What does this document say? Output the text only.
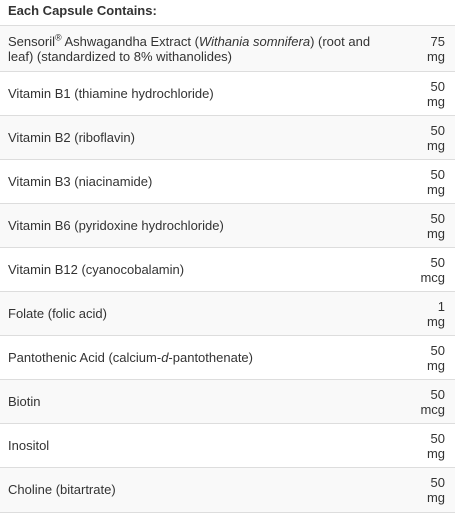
Each Capsule Contains:
Sensoril® Ashwagandha Extract (Withania somnifera) (root and leaf) (standardized to 8% withanolides)	75
mg

Vitamin B1 (thiamine hydrochloride)	50
mg

Vitamin B2 (riboflavin)	50
mg

Vitamin B3 (niacinamide)	50
mg

Vitamin B6 (pyridoxine hydrochloride)	50
mg

Vitamin B12 (cyanocobalamin)	50
mcg

Folate (folic acid)	1
mg

Pantothenic Acid (calcium-d-pantothenate)	50
mg

Biotin	50
mcg

Inositol	50
mg

Choline (bitartrate)	50
mg
